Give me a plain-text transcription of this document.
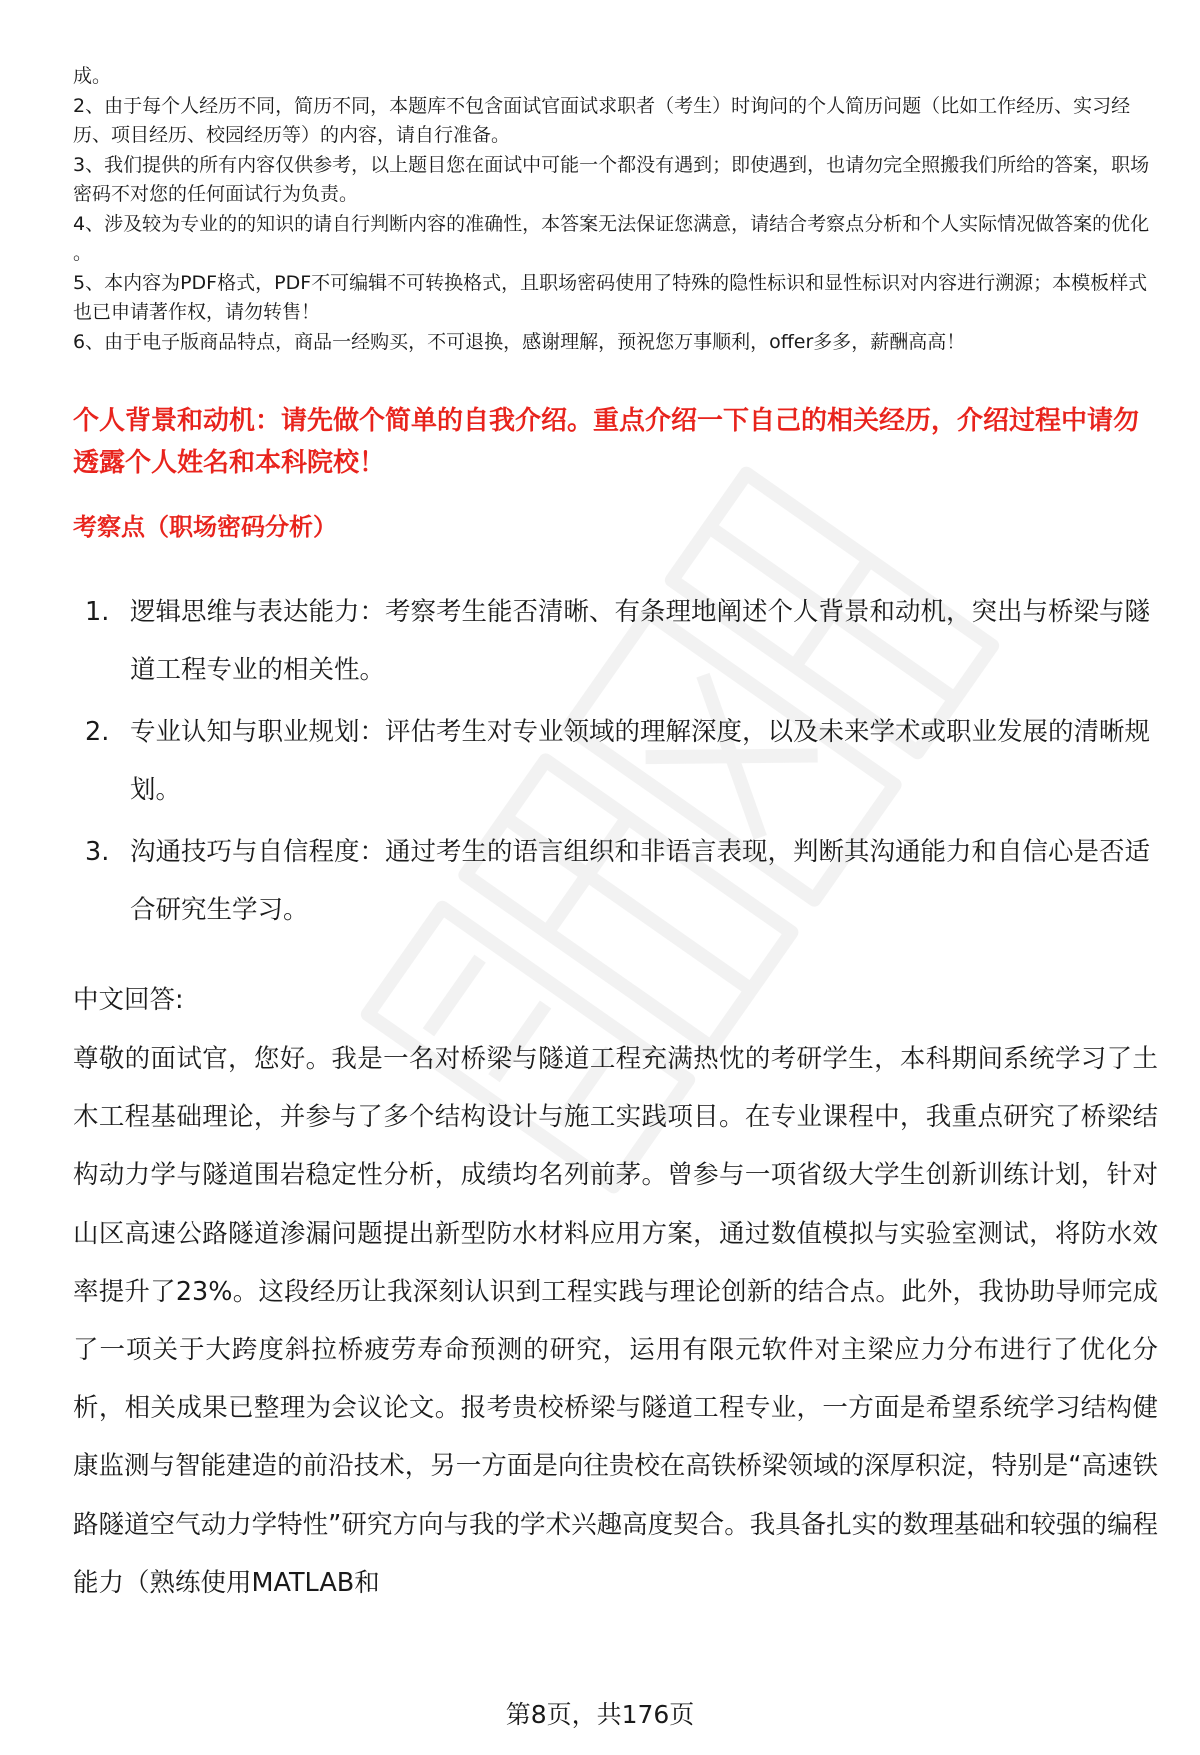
成。

2、由于每个人经历不同，简历不同，本题库不包含面试官面试求职者（考生）时询问的个人简历问题（比如工作经历、实习经历、项目经历、校园经历等）的内容，请自行准备。

3、我们提供的所有内容仅供参考，以上题目您在面试中可能一个都没有遇到；即使遇到，也请勿完全照搬我们所给的答案，职场密码不对您的任何面试行为负责。

4、涉及较为专业的的知识的请自行判断内容的准确性，本答案无法保证您满意，请结合考察点分析和个人实际情况做答案的优化 。

5、本内容为PDF格式，PDF不可编辑不可转换格式，且职场密码使用了特殊的隐性标识和显性标识对内容进行溯源；本模板样式也已申请著作权，请勿转售！

6、由于电子版商品特点，商品一经购买，不可退换，感谢理解，预祝您万事顺利，offer多多，薪酬高高！

个人背景和动机：请先做个简单的自我介绍。重点介绍一下自己的相关经历，介绍过程中请勿透露个人姓名和本科院校！
考察点（职场密码分析）
1. 逻辑思维与表达能力：考察考生能否清晰、有条理地阐述个人背景和动机，突出与桥梁与隧道工程专业的相关性。
2. 专业认知与职业规划：评估考生对专业领域的理解深度，以及未来学术或职业发展的清晰规划。
3. 沟通技巧与自信程度：通过考生的语言组织和非语言表现，判断其沟通能力和自信心是否适合研究生学习。

中文回答:

尊敬的面试官，您好。我是一名对桥梁与隧道工程充满热忱的考研学生，本科期间系统学习了土木工程基础理论，并参与了多个结构设计与施工实践项目。在专业课程中，我重点研究了桥梁结构动力学与隧道围岩稳定性分析，成绩均名列前茅。曾参与一项省级大学生创新训练计划，针对山区高速公路隧道渗漏问题提出新型防水材料应用方案，通过数值模拟与实验室测试，将防水效率提升了23%。这段经历让我深刻认识到工程实践与理论创新的结合点。此外，我协助导师完成了一项关于大跨度斜拉桥疲劳寿命预测的研究，运用有限元软件对主梁应力分布进行了优化分析，相关成果已整理为会议论文。报考贵校桥梁与隧道工程专业，一方面是希望系统学习结构健康监测与智能建造的前沿技术，另一方面是向往贵校在高铁桥梁领域的深厚积淀，特别是“高速铁路隧道空气动力学特性”研究方向与我的学术兴趣高度契合。我具备扎实的数理基础和较强的编程能力（熟练使用MATLAB和

第8页，共176页
